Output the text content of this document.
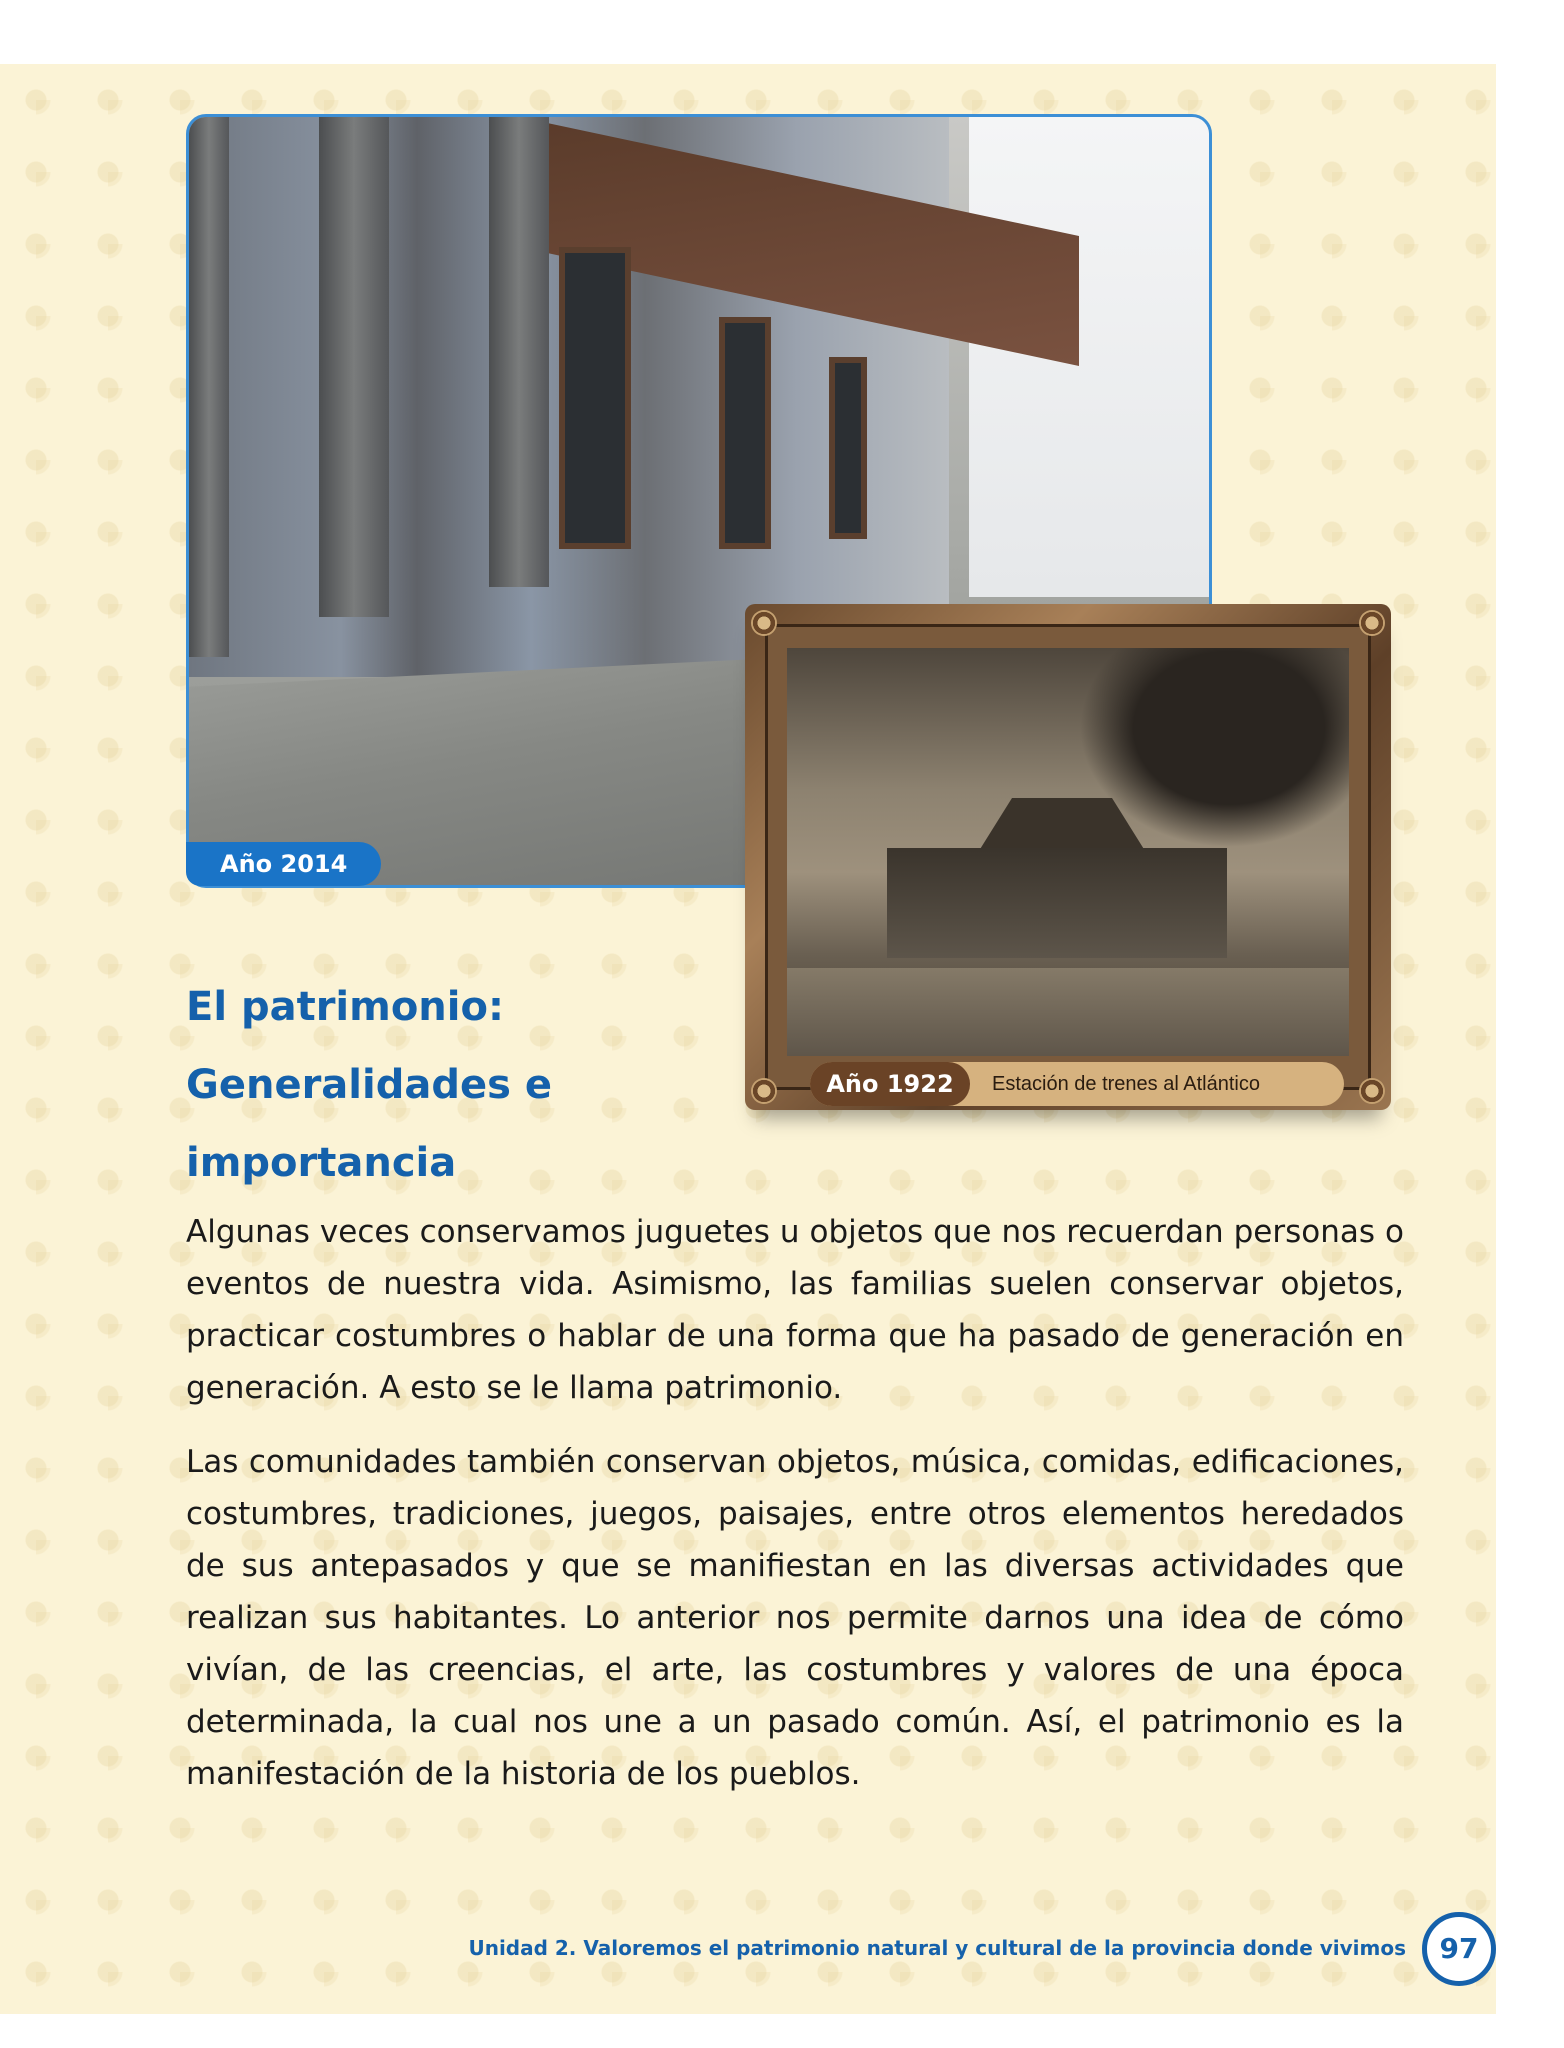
Año 2014
Año 1922	Estación de trenes al Atlántico
El patrimonio:
Generalidades e
importancia

Algunas veces conservamos juguetes u objetos que nos recuerdan personas o eventos de nuestra vida. Asimismo, las familias suelen conservar objetos, practicar costumbres o hablar de una forma que ha pasado de generación en generación. A esto se le llama patrimonio.

Las comunidades también conservan objetos, música, comidas, edificaciones, costumbres, tradiciones, juegos, paisajes, entre otros elementos heredados de sus antepasados y que se manifiestan en las diversas actividades que realizan sus habitantes. Lo anterior nos permite darnos una idea de cómo vivían, de las creencias, el arte, las costumbres y valores de una época determinada, la cual nos une a un pasado común. Así, el patrimonio es la manifestación de la historia de los pueblos.

Unidad 2. Valoremos el patrimonio natural y cultural de la provincia donde vivimos	97
